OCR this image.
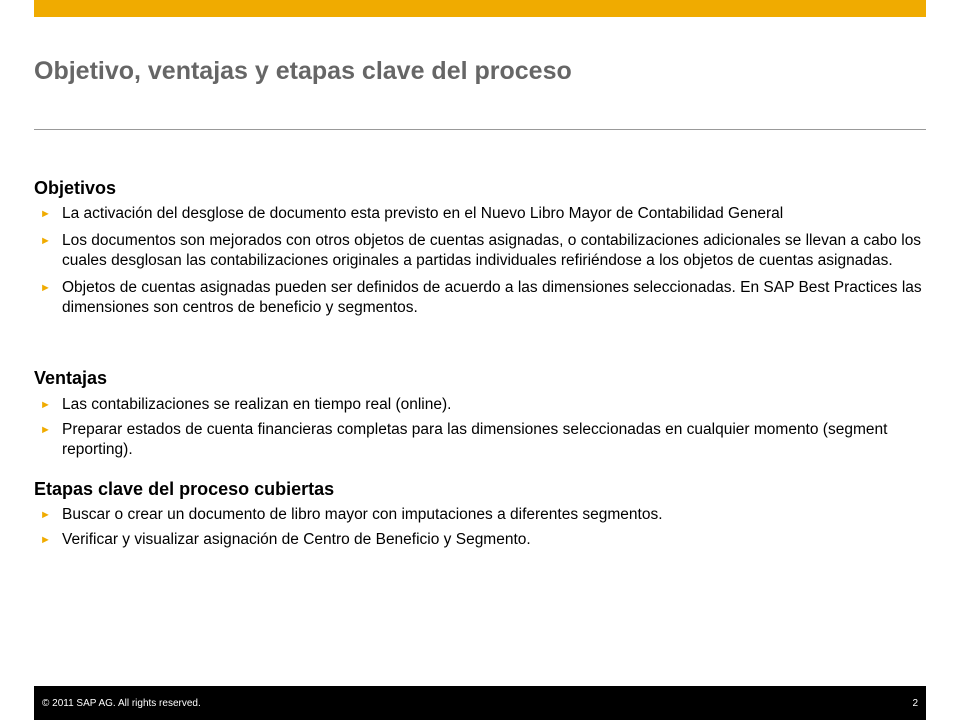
Objetivo, ventajas y etapas clave del proceso
Objetivos
► La activación del desglose de documento esta previsto en el Nuevo Libro Mayor de Contabilidad General
► Los documentos son mejorados con otros objetos de cuentas asignadas, o contabilizaciones adicionales se llevan a cabo los cuales desglosan las contabilizaciones originales a partidas individuales refiriéndose a los objetos de cuentas asignadas.
► Objetos de cuentas asignadas pueden ser definidos de acuerdo a las dimensiones seleccionadas. En SAP Best Practices las dimensiones son centros de beneficio y segmentos.
Ventajas
► Las contabilizaciones se realizan en tiempo real (online).
► Preparar estados de cuenta financieras completas para las dimensiones seleccionadas en cualquier momento (segment reporting).
Etapas clave del proceso cubiertas
► Buscar o crear un documento de libro mayor con imputaciones a diferentes segmentos.
► Verificar y visualizar asignación de Centro de Beneficio y Segmento.
© 2011 SAP AG. All rights reserved.	2
